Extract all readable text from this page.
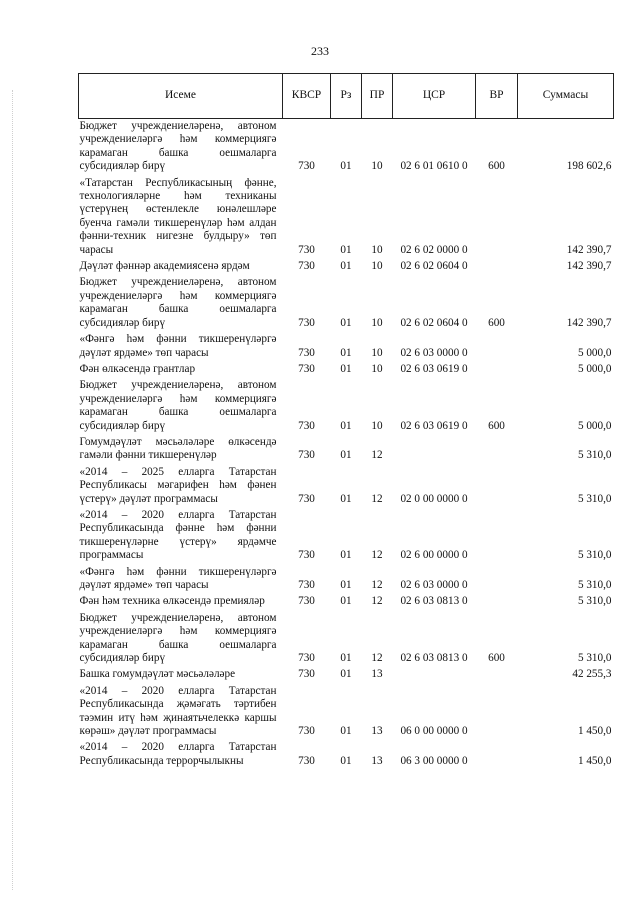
233
Исеме	КВСР	Рз	ПР	ЦСР	ВР	Суммасы
Бюджет учреждениеләренә, автоном учреждениеләргә һәм коммерциягә карамаган башка оешмаларга субсидияләр бирү	730	01	10	02 6 01 0610 0	600	198 602,6
«Татарстан Республикасының фәнне, технологияләрне һәм техниканы үстерүнең өстенлекле юнәлешләре буенча гамәли тикшеренүләр һәм алдан фәнни-техник нигезне булдыру» төп чарасы	730	01	10	02 6 02 0000 0		142 390,7
Дәүләт фәннәр академиясенә ярдәм	730	01	10	02 6 02 0604 0		142 390,7
Бюджет учреждениеләренә, автоном учреждениеләргә һәм коммерциягә карамаган башка оешмаларга субсидияләр бирү	730	01	10	02 6 02 0604 0	600	142 390,7
«Фәнгә һәм фәнни тикшеренүләргә дәүләт ярдәме» төп чарасы	730	01	10	02 6 03 0000 0		5 000,0
Фән өлкәсендә грантлар	730	01	10	02 6 03 0619 0		5 000,0
Бюджет учреждениеләренә, автоном учреждениеләргә һәм коммерциягә карамаган башка оешмаларга субсидияләр бирү	730	01	10	02 6 03 0619 0	600	5 000,0
Гомумдәүләт мәсьәләләре өлкәсендә гамәли фәнни тикшеренүләр	730	01	12			5 310,0
«2014 – 2025 елларга Татарстан Республикасы мәгарифен һәм фәнен үстерү» дәүләт программасы	730	01	12	02 0 00 0000 0		5 310,0
«2014 – 2020 елларга Татарстан Республикасында фәнне һәм фәнни тикшеренүләрне үстерү» ярдәмче программасы	730	01	12	02 6 00 0000 0		5 310,0
«Фәнгә һәм фәнни тикшеренүләргә дәүләт ярдәме» төп чарасы	730	01	12	02 6 03 0000 0		5 310,0
Фән һәм техника өлкәсендә премияләр	730	01	12	02 6 03 0813 0		5 310,0
Бюджет учреждениеләренә, автоном учреждениеләргә һәм коммерциягә карамаган башка оешмаларга субсидияләр бирү	730	01	12	02 6 03 0813 0	600	5 310,0
Башка гомумдәүләт мәсьәләләре	730	01	13			42 255,3
«2014 – 2020 елларга Татарстан Республикасында җәмәгать тәртибен тәэмин итү һәм җинаятьчелеккә каршы көрәш» дәүләт программасы	730	01	13	06 0 00 0000 0		1 450,0
«2014 – 2020 елларга Татарстан Республикасында террорчылыкны	730	01	13	06 3 00 0000 0		1 450,0
